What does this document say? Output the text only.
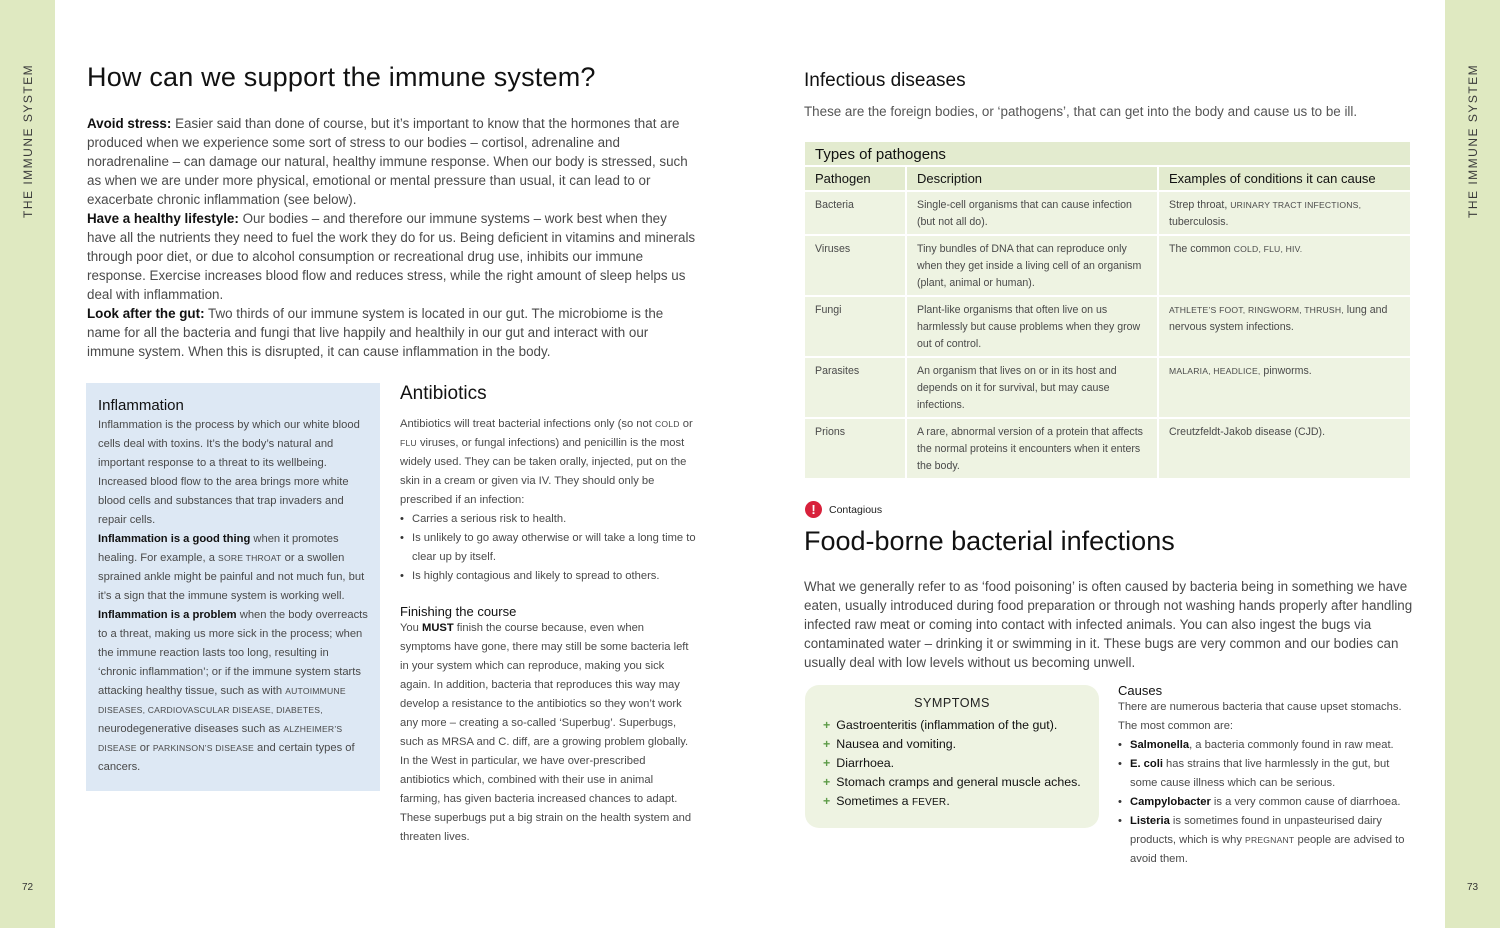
THE IMMUNE SYSTEM
72
THE IMMUNE SYSTEM
73
How can we support the immune system?

Avoid stress: Easier said than done of course, but it’s important to know that the hormones that are produced when we experience some sort of stress to our bodies – cortisol, adrenaline and noradrenaline – can damage our natural, healthy immune response. When our body is stressed, such as when we are under more physical, emotional or mental pressure than usual, it can lead to or exacerbate chronic inflammation (see below).

Have a healthy lifestyle: Our bodies – and therefore our immune systems – work best when they have all the nutrients they need to fuel the work they do for us. Being deficient in vitamins and minerals through poor diet, or due to alcohol consumption or recreational drug use, inhibits our immune response. Exercise increases blood flow and reduces stress, while the right amount of sleep helps us deal with inflammation.

Look after the gut: Two thirds of our immune system is located in our gut. The microbiome is the name for all the bacteria and fungi that live happily and healthily in our gut and interact with our immune system. When this is disrupted, it can cause inflammation in the body.

Inflammation
Inflammation is the process by which our white blood cells deal with toxins. It’s the body’s natural and important response to a threat to its wellbeing. Increased blood flow to the area brings more white blood cells and substances that trap invaders and repair cells.
Inflammation is a good thing when it promotes healing. For example, a SORE THROAT or a swollen sprained ankle might be painful and not much fun, but it’s a sign that the immune system is working well.
Inflammation is a problem when the body overreacts to a threat, making us more sick in the process; when the immune reaction lasts too long, resulting in ‘chronic inflammation’; or if the immune system starts attacking healthy tissue, such as with AUTOIMMUNE DISEASES, CARDIOVASCULAR DISEASE, DIABETES, neurodegenerative diseases such as ALZHEIMER’S DISEASE or PARKINSON’S DISEASE and certain types of cancers.
Antibiotics
Antibiotics will treat bacterial infections only (so not COLD or FLU viruses, or fungal infections) and penicillin is the most widely used. They can be taken orally, injected, put on the skin in a cream or given via IV. They should only be prescribed if an infection:
• Carries a serious risk to health.
• Is unlikely to go away otherwise or will take a long time to clear up by itself.
• Is highly contagious and likely to spread to others.
Finishing the course
You MUST finish the course because, even when symptoms have gone, there may still be some bacteria left in your system which can reproduce, making you sick again. In addition, bacteria that reproduces this way may develop a resistance to the antibiotics so they won’t work any more – creating a so-called ‘Superbug’. Superbugs, such as MRSA and C. diff, are a growing problem globally. In the West in particular, we have over-prescribed antibiotics which, combined with their use in animal farming, has given bacteria increased chances to adapt. These superbugs put a big strain on the health system and threaten lives.
Infectious diseases
These are the foreign bodies, or ‘pathogens’, that can get into the body and cause us to be ill.
Types of pathogens		
Pathogen	Description	Examples of conditions it can cause
Bacteria	Single-cell organisms that can cause infection (but not all do).	Strep throat, URINARY TRACT INFECTIONS, tuberculosis.
Viruses	Tiny bundles of DNA that can reproduce only when they get inside a living cell of an organism (plant, animal or human).	The common COLD, FLU, HIV.
Fungi	Plant-like organisms that often live on us harmlessly but cause problems when they grow out of control.	ATHLETE’S FOOT, RINGWORM, THRUSH, lung and nervous system infections.
Parasites	An organism that lives on or in its host and depends on it for survival, but may cause infections.	MALARIA, HEADLICE, pinworms.
Prions	A rare, abnormal version of a protein that affects the normal proteins it encounters when it enters the body.	Creutzfeldt-Jakob disease (CJD).
!	Contagious
Food-borne bacterial infections
What we generally refer to as ‘food poisoning’ is often caused by bacteria being in something we have eaten, usually introduced during food preparation or through not washing hands properly after handling infected raw meat or coming into contact with infected animals. You can also ingest the bugs via contaminated water – drinking it or swimming in it. These bugs are very common and our bodies can usually deal with low levels without us becoming unwell.
SYMPTOMS
+ Gastroenteritis (inflammation of the gut).
+ Nausea and vomiting.
+ Diarrhoea.
+ Stomach cramps and general muscle aches.
+ Sometimes a FEVER.
Causes
There are numerous bacteria that cause upset stomachs. The most common are:
• Salmonella, a bacteria commonly found in raw meat.
• E. coli has strains that live harmlessly in the gut, but some cause illness which can be serious.
• Campylobacter is a very common cause of diarrhoea.
• Listeria is sometimes found in unpasteurised dairy products, which is why PREGNANT people are advised to avoid them.
